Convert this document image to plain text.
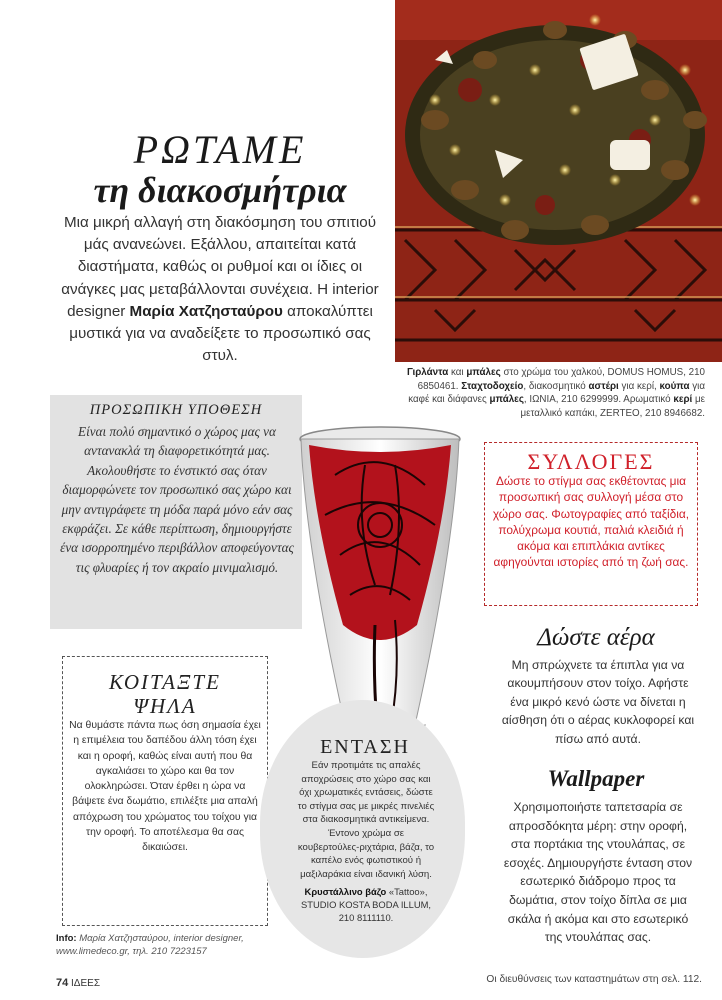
ΡΩΤΑΜΕ
τη διακοσμήτρια
Μια μικρή αλλαγή στη διακόσμηση του σπιτιού μάς ανανεώνει. Εξάλλου, απαιτείται κατά διαστήματα, καθώς οι ρυθμοί και οι ίδιες οι ανάγκες μας μεταβάλλονται συνέχεια. Η interior designer Μαρία Χατζησταύρου αποκαλύπτει μυστικά για να αναδείξετε το προσωπικό σας στυλ.
Γιρλάντα και μπάλες στο χρώμα του χαλκού, DOMUS HOMUS, 210 6850461. Σταχτοδοχείο, διακοσμητικό αστέρι για κερί, κούπα για καφέ και διάφανες μπάλες, ΙΩΝΙΑ, 210 6299999. Αρωματικό κερί με μεταλλικό καπάκι, ZERTEO, 210 8946682.
ΠΡΟΣΩΠΙΚΗ ΥΠΟΘΕΣΗ
Είναι πολύ σημαντικό ο χώρος μας να αντανακλά τη διαφορετικότητά μας. Ακολουθήστε το ένστικτό σας όταν διαμορφώνετε τον προσωπικό σας χώρο και μην αντιγράφετε τη μόδα παρά μόνο εάν σας εκφράζει. Σε κάθε περίπτωση, δημιουργήστε ένα ισορροπημένο περιβάλλον αποφεύγοντας τις φλυαρίες ή τον ακραίο μινιμαλισμό.
ΚΟΙΤΑΞΤΕ
ΨΗΛΑ
Να θυμάστε πάντα πως όση σημασία έχει η επιμέλεια του δαπέδου άλλη τόση έχει και η οροφή, καθώς είναι αυτή που θα αγκαλιάσει το χώρο και θα τον ολοκληρώσει. Όταν έρθει η ώρα να βάψετε ένα δωμάτιο, επιλέξτε μια απαλή απόχρωση του χρώματος του τοίχου για την οροφή. Το αποτέλεσμα θα σας δικαιώσει.
Info: Μαρία Χατζησταύρου, interior designer, www.limedeco.gr, τηλ. 210 7223157
ΕΝΤΑΣΗ
Εάν προτιμάτε τις απαλές αποχρώσεις στο χώρο σας και όχι χρωματικές εντάσεις, δώστε το στίγμα σας με μικρές πινελιές στα διακοσμητικά αντικείμενα. Έντονο χρώμα σε κουβερτούλες-ριχτάρια, βάζα, το καπέλο ενός φωτιστικού ή μαξιλαράκια είναι ιδανική λύση.
Κρυστάλλινο βάζο «Tattoo», STUDIO KOSTA BODA ILLUM, 210 8111110.
ΣΥΛΛΟΓΕΣ
Δώστε το στίγμα σας εκθέτοντας μια προσωπική σας συλλογή μέσα στο χώρο σας. Φωτογραφίες από ταξίδια, πολύχρωμα κουτιά, παλιά κλειδιά ή ακόμα και επιπλάκια αντίκες αφηγούνται ιστορίες από τη ζωή σας.
Δώστε αέρα
Μη σπρώχνετε τα έπιπλα για να ακουμπήσουν στον τοίχο. Αφήστε ένα μικρό κενό ώστε να δίνεται η αίσθηση ότι ο αέρας κυκλοφορεί και πίσω από αυτά.
Wallpaper
Χρησιμοποιήστε ταπετσαρία σε απροσδόκητα μέρη: στην οροφή, στα πορτάκια της ντουλάπας, σε εσοχές. Δημιουργήστε ένταση στον εσωτερικό διάδρομο προς τα δωμάτια, στον τοίχο δίπλα σε μια σκάλα ή ακόμα και στο εσωτερικό της ντουλάπας σας.
74 ΙΔΕΕΣ	Οι διευθύνσεις των καταστημάτων στη σελ. 112.
